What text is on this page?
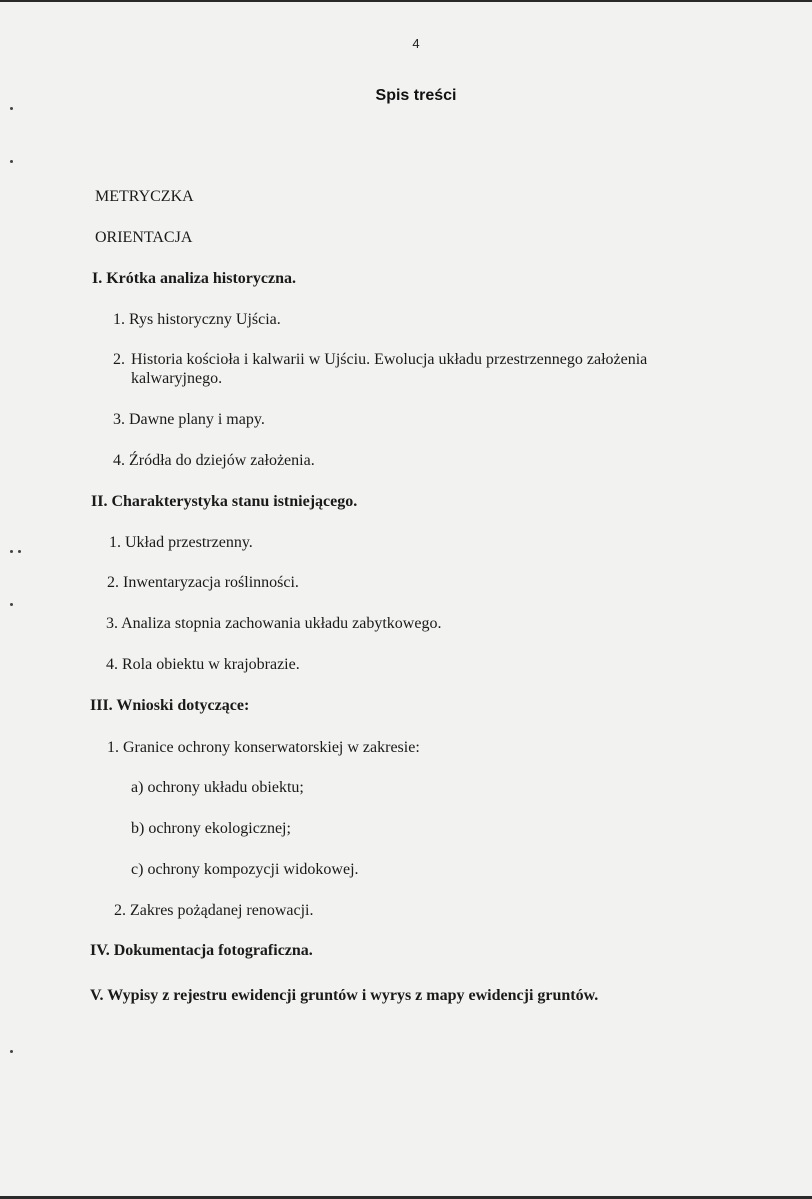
4
Spis treści
METRYCZKA
ORIENTACJA
I. Krótka analiza historyczna.
1. Rys historyczny Ujścia.
2. Historia kościoła i kalwarii w Ujściu. Ewolucja układu przestrzennego założenia kalwaryjnego.
3. Dawne plany i mapy.
4. Źródła do dziejów założenia.
II. Charakterystyka stanu istniejącego.
1. Układ przestrzenny.
2. Inwentaryzacja roślinności.
3. Analiza stopnia zachowania układu zabytkowego.
4. Rola obiektu w krajobrazie.
III. Wnioski dotyczące:
1. Granice ochrony konserwatorskiej w zakresie:
a) ochrony układu obiektu;
b) ochrony ekologicznej;
c) ochrony kompozycji widokowej.
2. Zakres pożądanej renowacji.
IV. Dokumentacja fotograficzna.
V. Wypisy z rejestru ewidencji gruntów i wyrys z mapy ewidencji gruntów.
